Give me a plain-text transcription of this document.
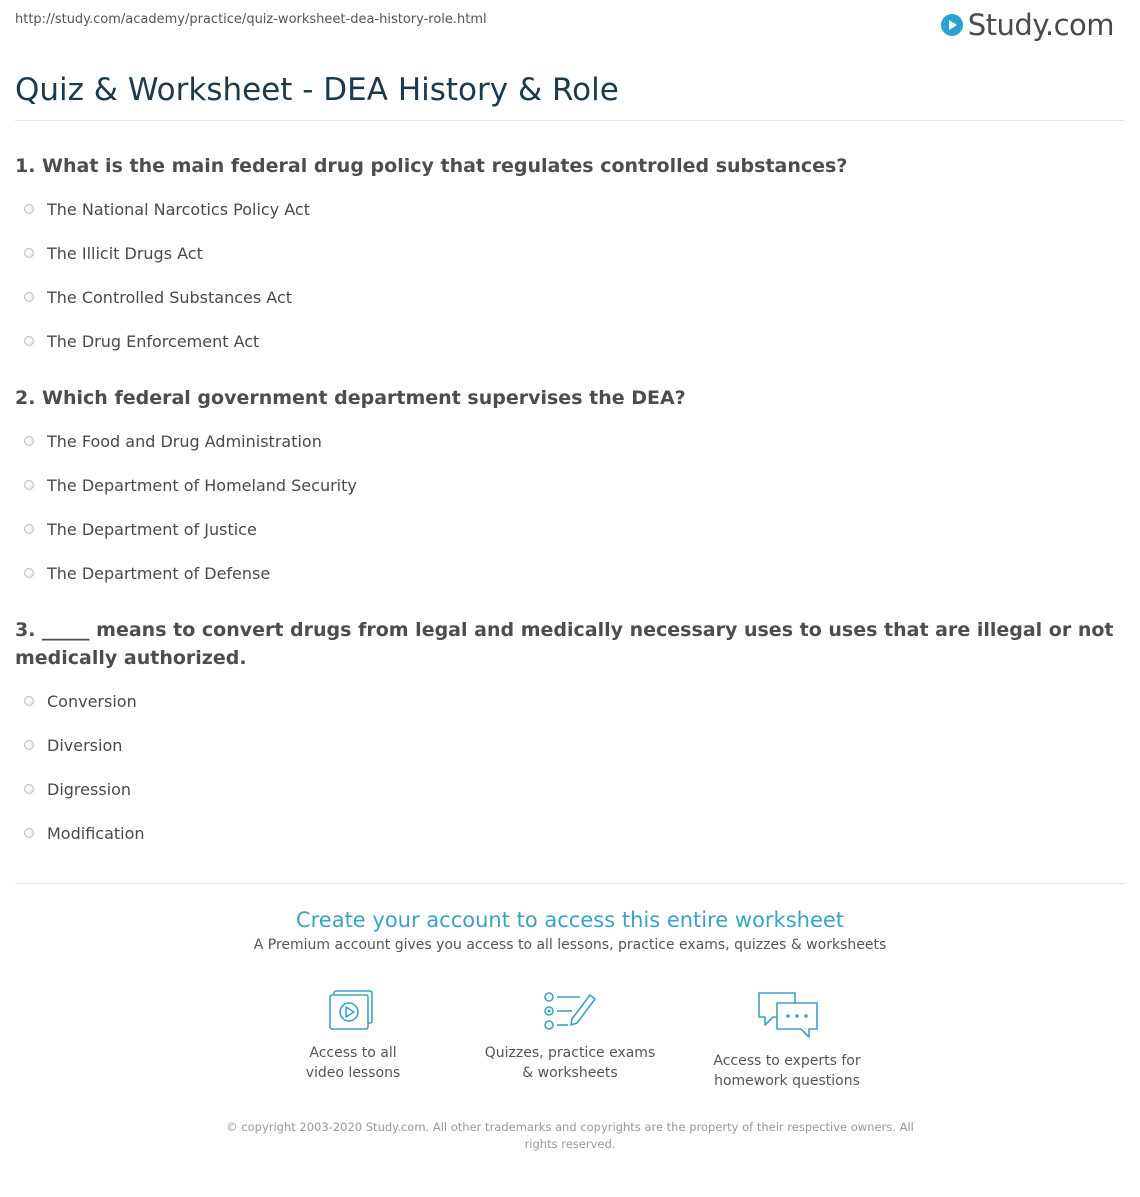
http://study.com/academy/practice/quiz-worksheet-dea-history-role.html	Study.com
Quiz & Worksheet - DEA History & Role

1. What is the main federal drug policy that regulates controlled substances?

The National Narcotics Policy Act
The Illicit Drugs Act
The Controlled Substances Act
The Drug Enforcement Act

2. Which federal government department supervises the DEA?

The Food and Drug Administration
The Department of Homeland Security
The Department of Justice
The Department of Defense

3. _____ means to convert drugs from legal and medically necessary uses to uses that are illegal or not medically authorized.

Conversion
Diversion
Digression
Modification

Create your account to access this entire worksheet

A Premium account gives you access to all lessons, practice exams, quizzes & worksheets
Access to all
video lessons
Quizzes, practice exams
& worksheets
Access to experts for
homework questions
© copyright 2003-2020 Study.com. All other trademarks and copyrights are the property of their respective owners. All rights reserved.
